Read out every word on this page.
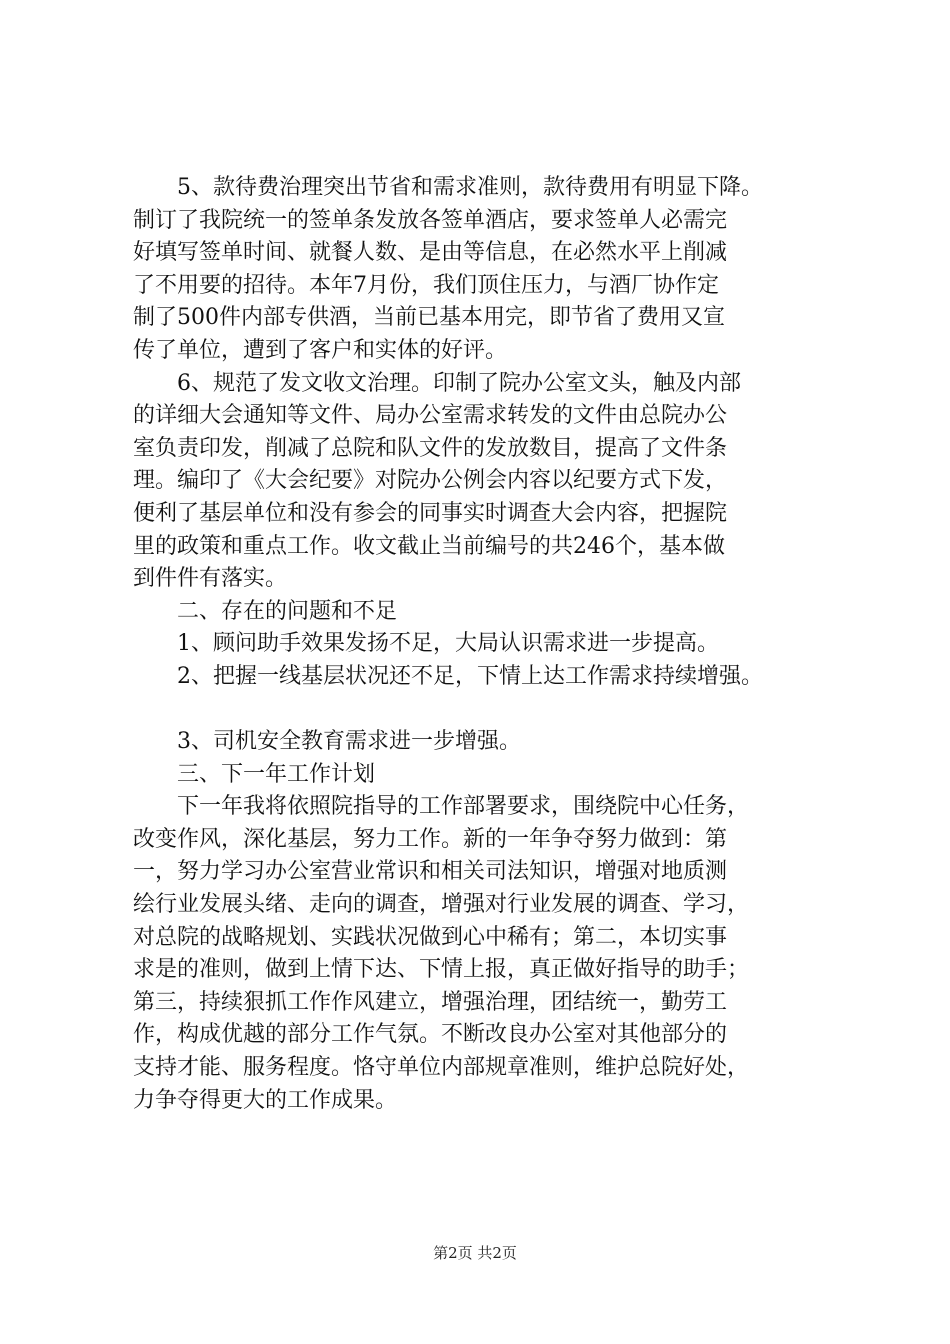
5、款待费治理突出节省和需求准则，款待费用有明显下降。
制订了我院统一的签单条发放各签单酒店，要求签单人必需完
好填写签单时间、就餐人数、是由等信息，在必然水平上削减
了不用要的招待。本年7月份，我们顶住压力，与酒厂协作定
制了500件内部专供酒，当前已基本用完，即节省了费用又宣
传了单位，遭到了客户和实体的好评。
6、规范了发文收文治理。印制了院办公室文头，触及内部
的详细大会通知等文件、局办公室需求转发的文件由总院办公
室负责印发，削减了总院和队文件的发放数目，提高了文件条
理。编印了《大会纪要》对院办公例会内容以纪要方式下发，
便利了基层单位和没有参会的同事实时调查大会内容，把握院
里的政策和重点工作。收文截止当前编号的共246个，基本做
到件件有落实。
二、存在的问题和不足
1、顾问助手效果发扬不足，大局认识需求进一步提高。
2、把握一线基层状况还不足，下情上达工作需求持续增强。
3、司机安全教育需求进一步增强。
三、下一年工作计划
下一年我将依照院指导的工作部署要求，围绕院中心任务，
改变作风，深化基层，努力工作。新的一年争夺努力做到：第
一，努力学习办公室营业常识和相关司法知识，增强对地质测
绘行业发展头绪、走向的调查，增强对行业发展的调查、学习，
对总院的战略规划、实践状况做到心中稀有；第二，本切实事
求是的准则，做到上情下达、下情上报，真正做好指导的助手；
第三，持续狠抓工作作风建立，增强治理，团结统一，勤劳工
作，构成优越的部分工作气氛。不断改良办公室对其他部分的
支持才能、服务程度。恪守单位内部规章准则，维护总院好处，
力争夺得更大的工作成果。
第2页 共2页
